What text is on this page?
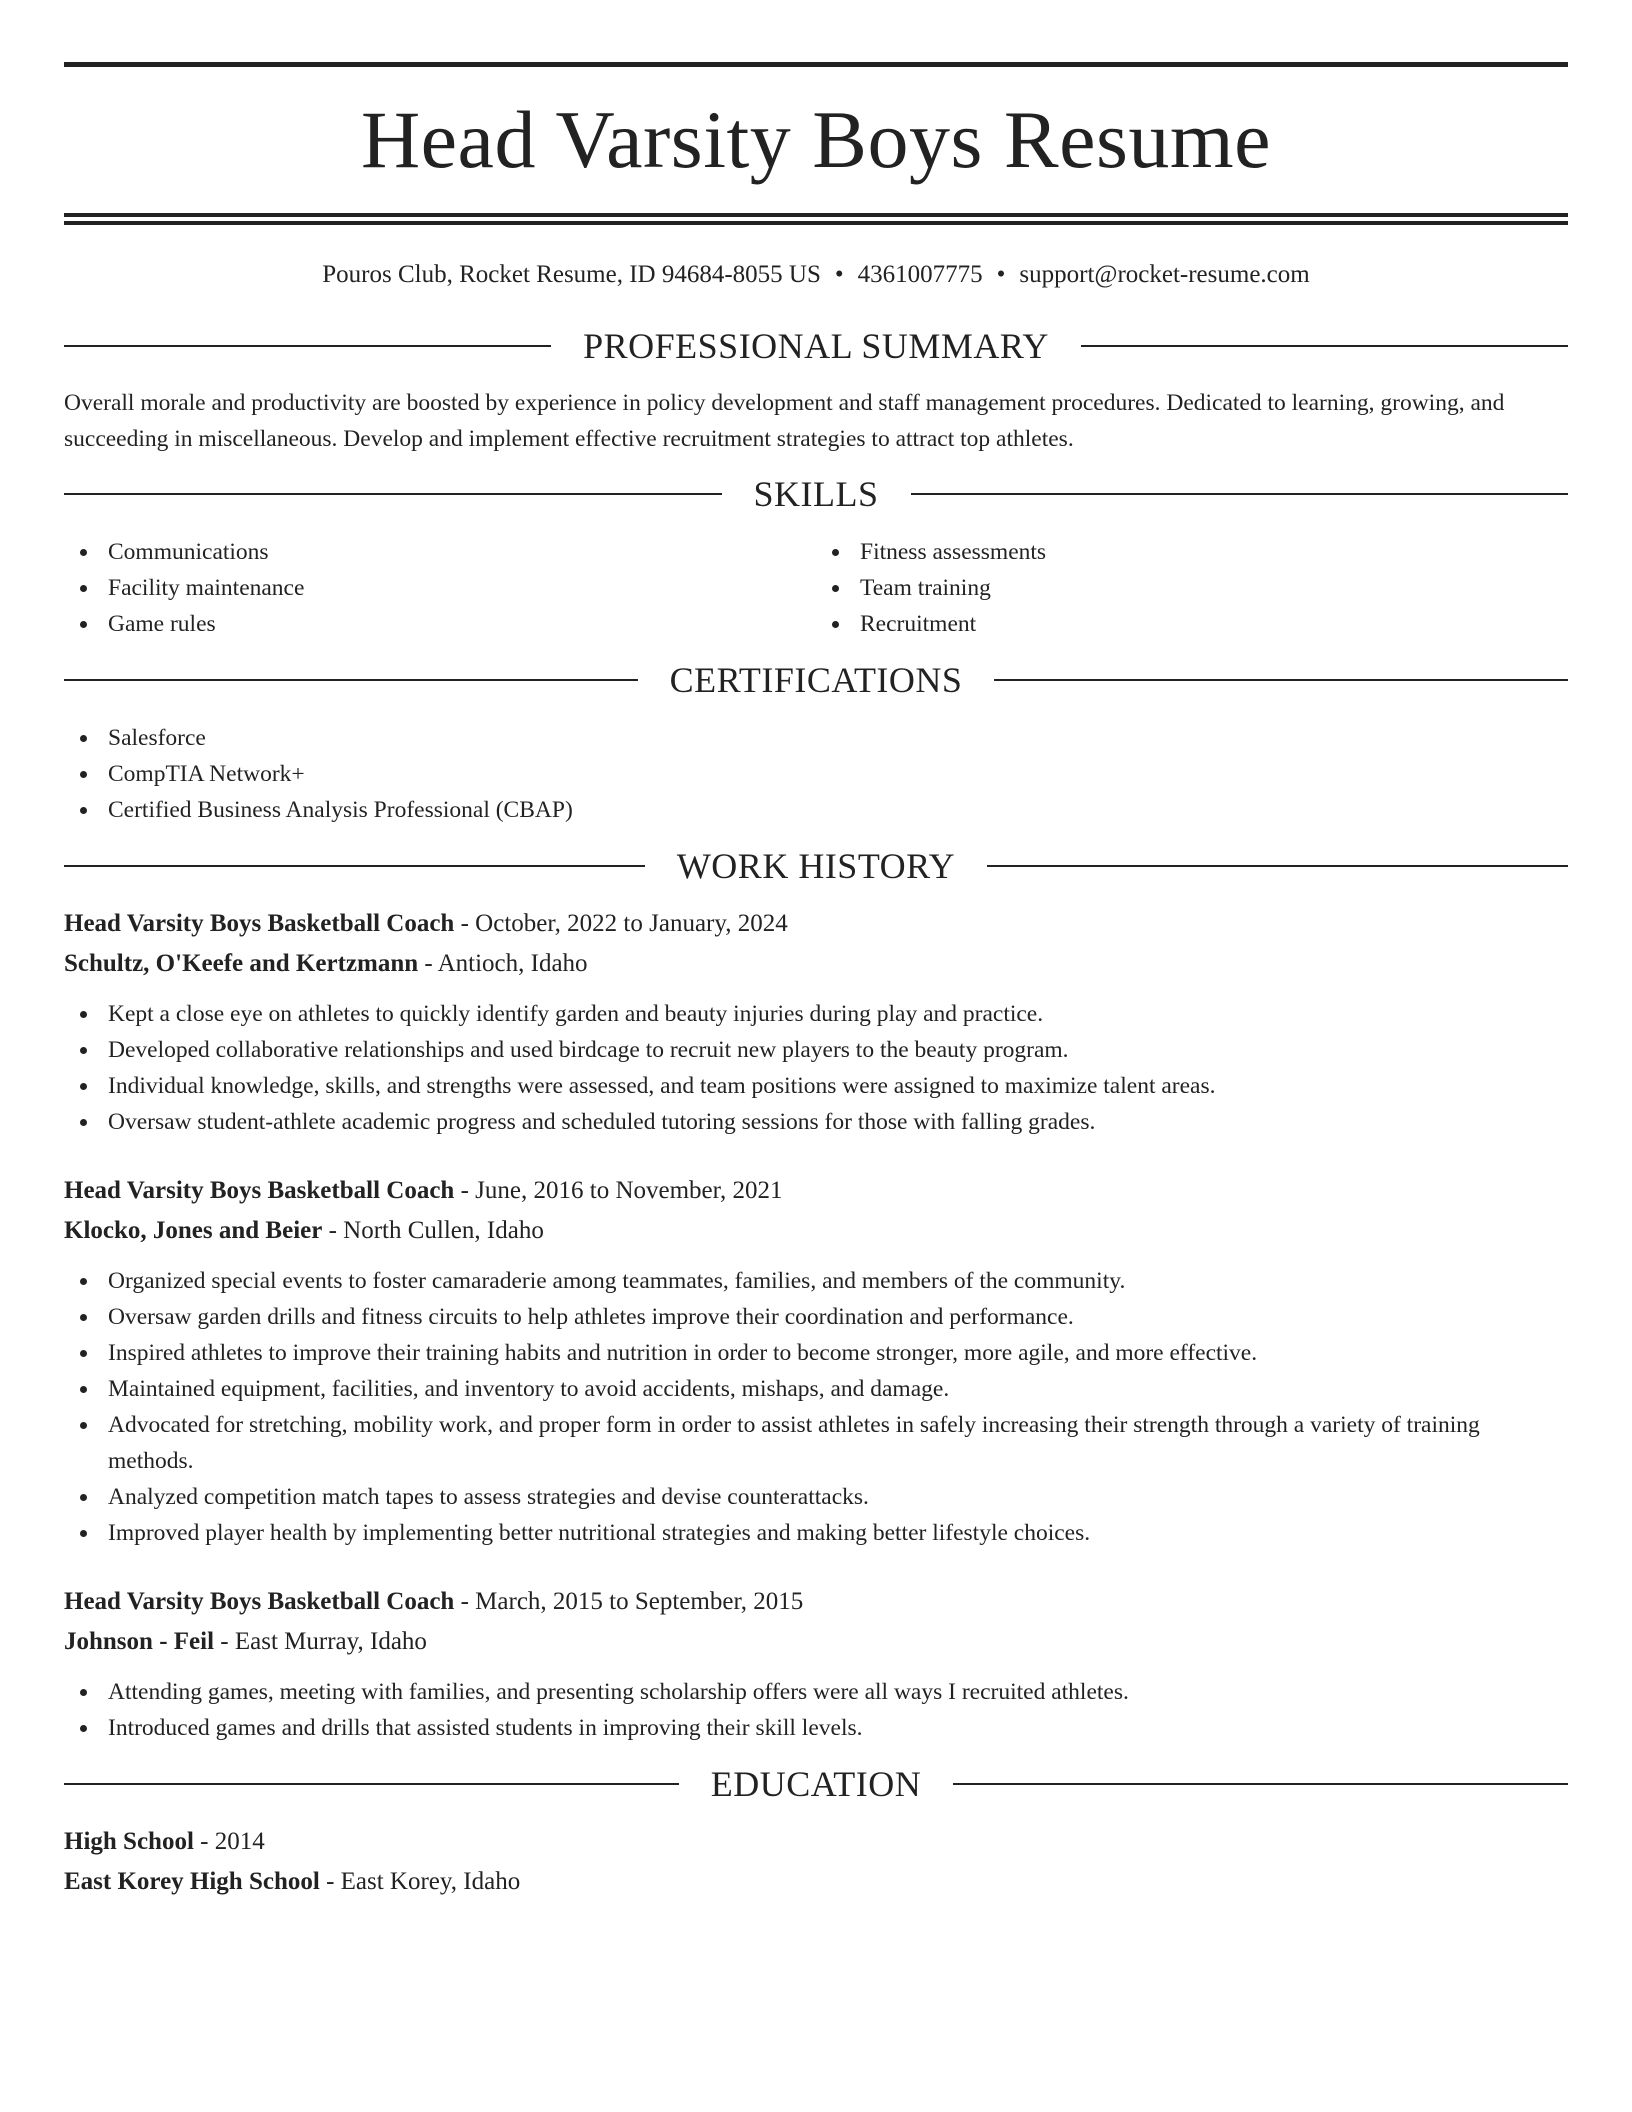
Head Varsity Boys Resume
Pouros Club, Rocket Resume, ID 94684-8055 US • 4361007775 • support@rocket-resume.com
PROFESSIONAL SUMMARY

Overall morale and productivity are boosted by experience in policy development and staff management procedures. Dedicated to learning, growing, and succeeding in miscellaneous. Develop and implement effective recruitment strategies to attract top athletes.

SKILLS
Communications
Facility maintenance
Game rules
Fitness assessments
Team training
Recruitment
CERTIFICATIONS
Salesforce
CompTIA Network+
Certified Business Analysis Professional (CBAP)
WORK HISTORY
Head Varsity Boys Basketball Coach - October, 2022 to January, 2024
Schultz, O'Keefe and Kertzmann - Antioch, Idaho
Kept a close eye on athletes to quickly identify garden and beauty injuries during play and practice.
Developed collaborative relationships and used birdcage to recruit new players to the beauty program.
Individual knowledge, skills, and strengths were assessed, and team positions were assigned to maximize talent areas.
Oversaw student-athlete academic progress and scheduled tutoring sessions for those with falling grades.
Head Varsity Boys Basketball Coach - June, 2016 to November, 2021
Klocko, Jones and Beier - North Cullen, Idaho
Organized special events to foster camaraderie among teammates, families, and members of the community.
Oversaw garden drills and fitness circuits to help athletes improve their coordination and performance.
Inspired athletes to improve their training habits and nutrition in order to become stronger, more agile, and more effective.
Maintained equipment, facilities, and inventory to avoid accidents, mishaps, and damage.
Advocated for stretching, mobility work, and proper form in order to assist athletes in safely increasing their strength through a variety of training methods.
Analyzed competition match tapes to assess strategies and devise counterattacks.
Improved player health by implementing better nutritional strategies and making better lifestyle choices.
Head Varsity Boys Basketball Coach - March, 2015 to September, 2015
Johnson - Feil - East Murray, Idaho
Attending games, meeting with families, and presenting scholarship offers were all ways I recruited athletes.
Introduced games and drills that assisted students in improving their skill levels.
EDUCATION
High School - 2014
East Korey High School - East Korey, Idaho
